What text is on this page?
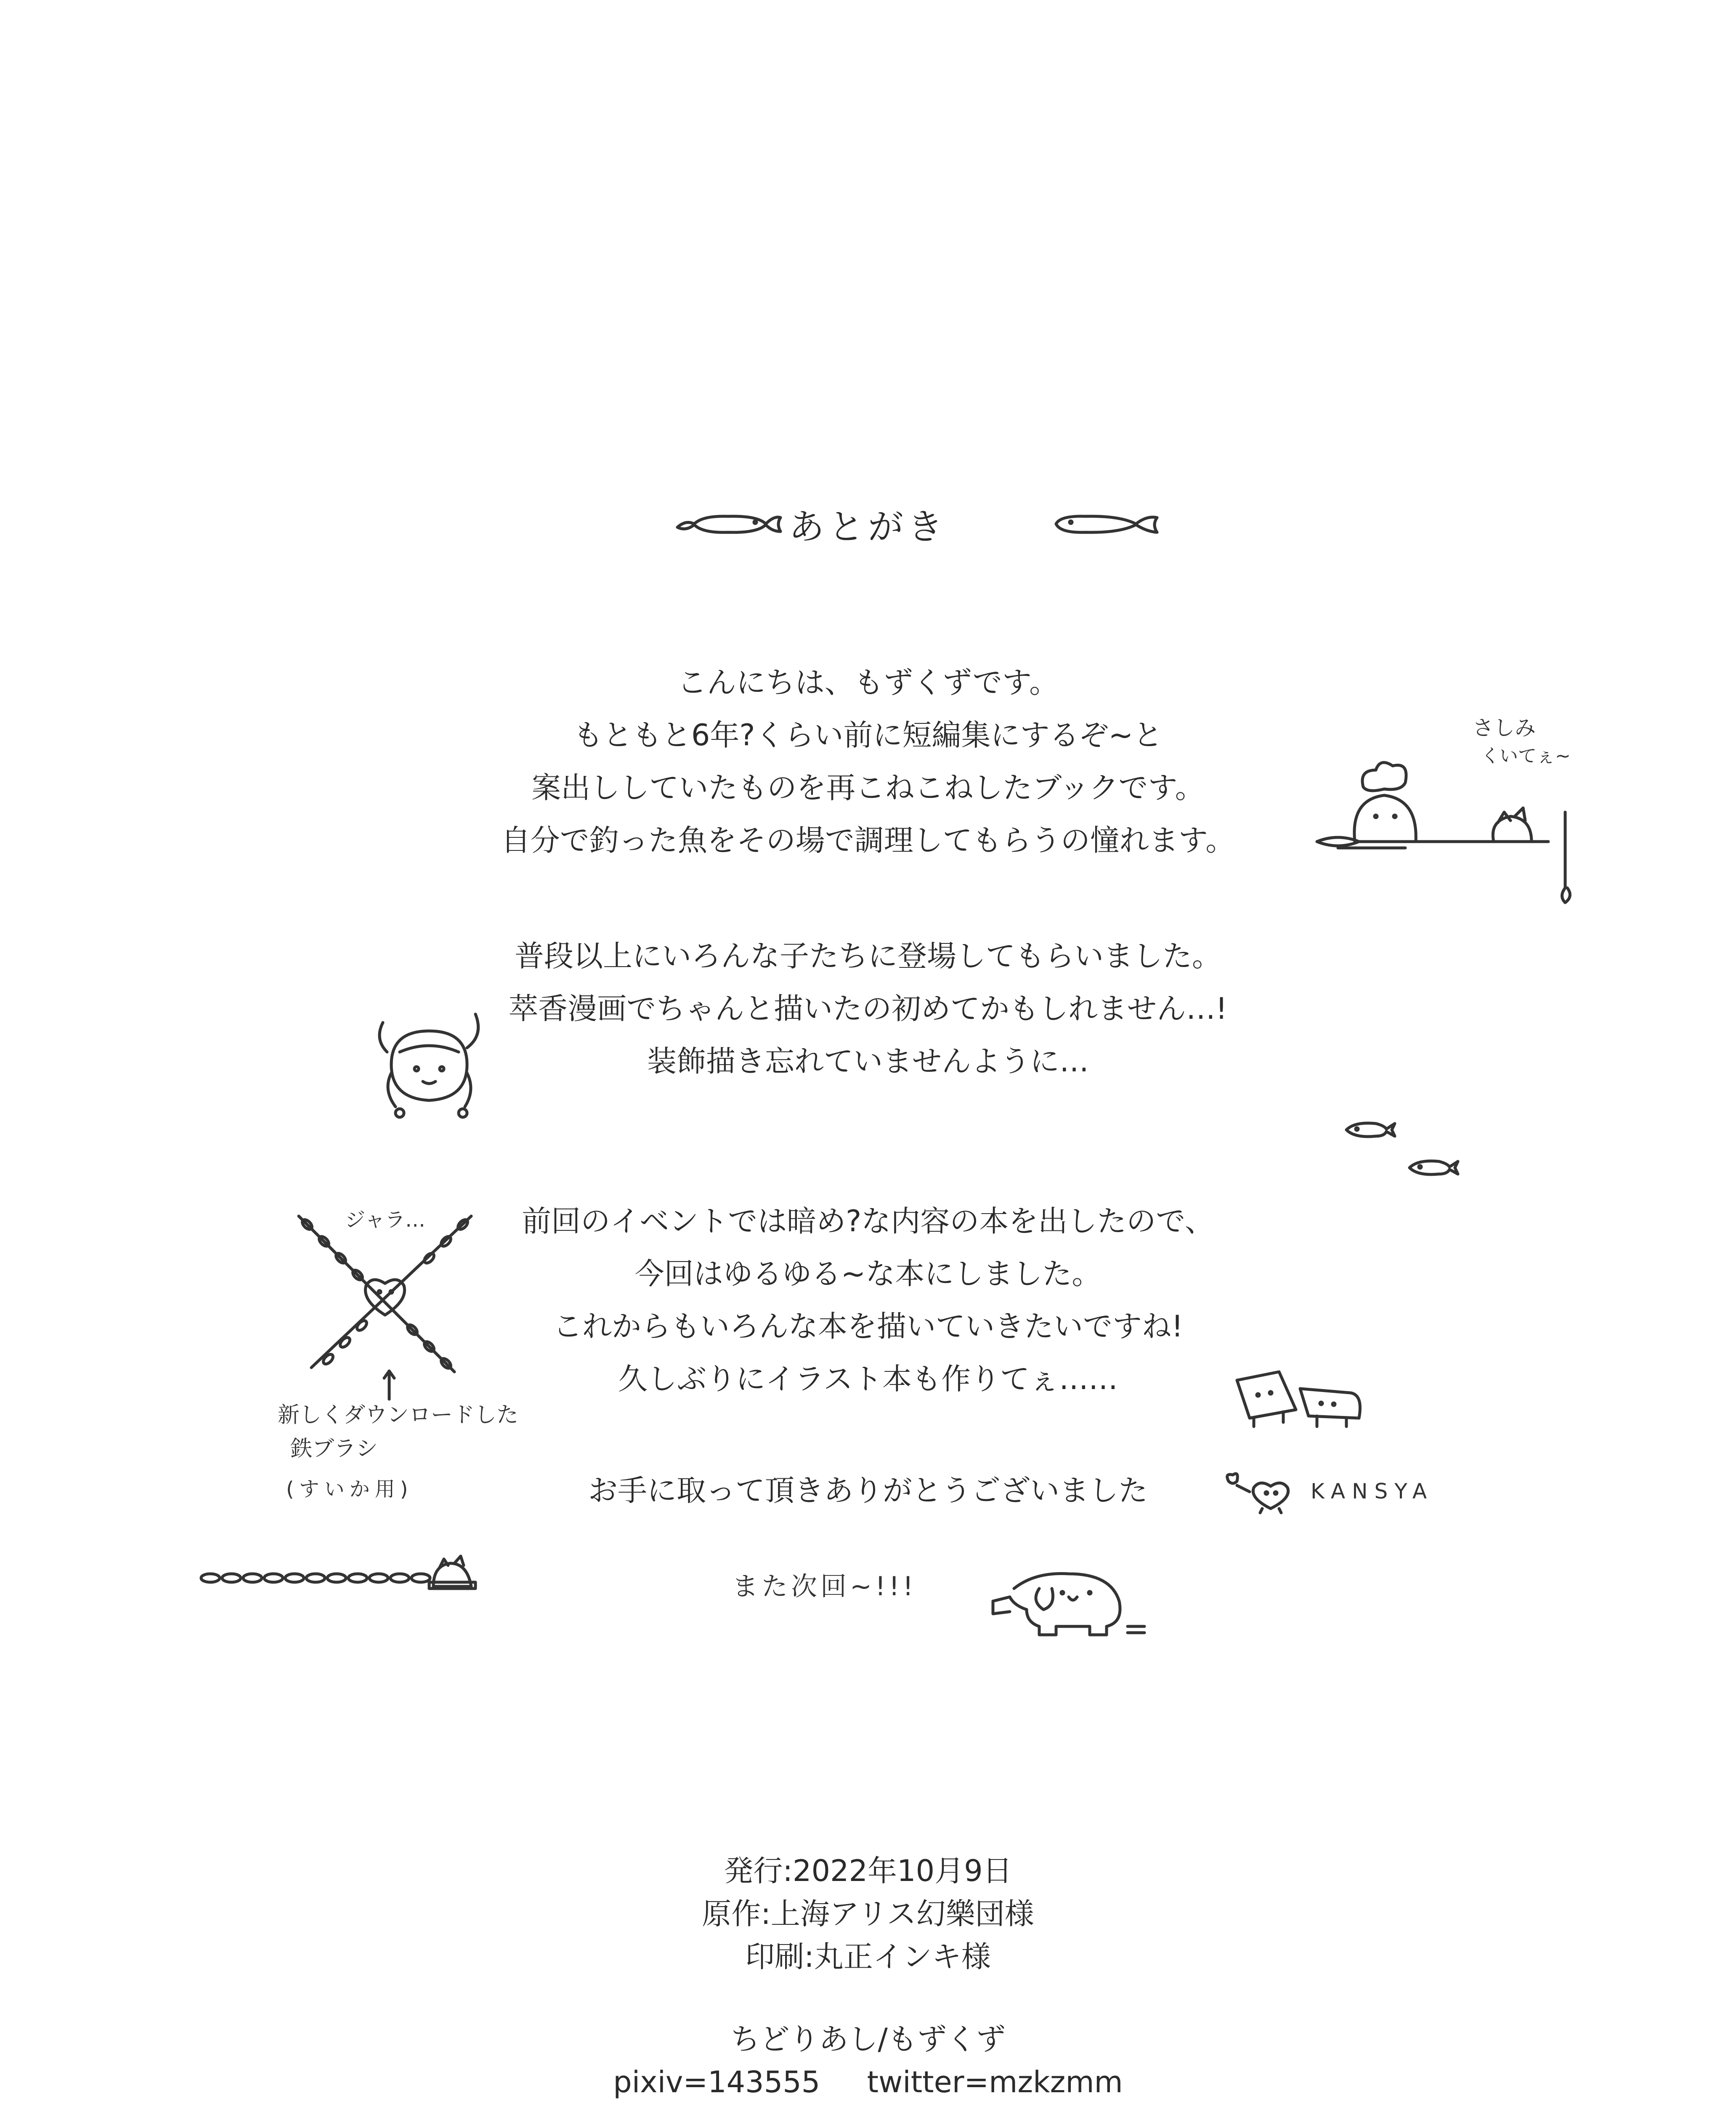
あとがき
こんにちは、もずくずです。
もともと6年?くらい前に短編集にするぞ~と
案出ししていたものを再こねこねしたブックです。
自分で釣った魚をその場で調理してもらうの憧れます。
普段以上にいろんな子たちに登場してもらいました。
萃香漫画でちゃんと描いたの初めてかもしれません…!
装飾描き忘れていませんように…
前回のイベントでは暗め?な内容の本を出したので、
今回はゆるゆる~な本にしました。
これからもいろんな本を描いていきたいですね!
久しぶりにイラスト本も作りてぇ……
お手に取って頂きありがとうございました
また次回~!!!
さしみ
くいてぇ~
ジャラ…
新しくダウンロードした
鉄ブラシ
(すいか用)	KANSYA
発行:2022年10月9日
原作:上海アリス幻樂団様
印刷:丸正インキ様
ちどりあし/もずくず
pixiv=143555 twitter=mzkzmm
